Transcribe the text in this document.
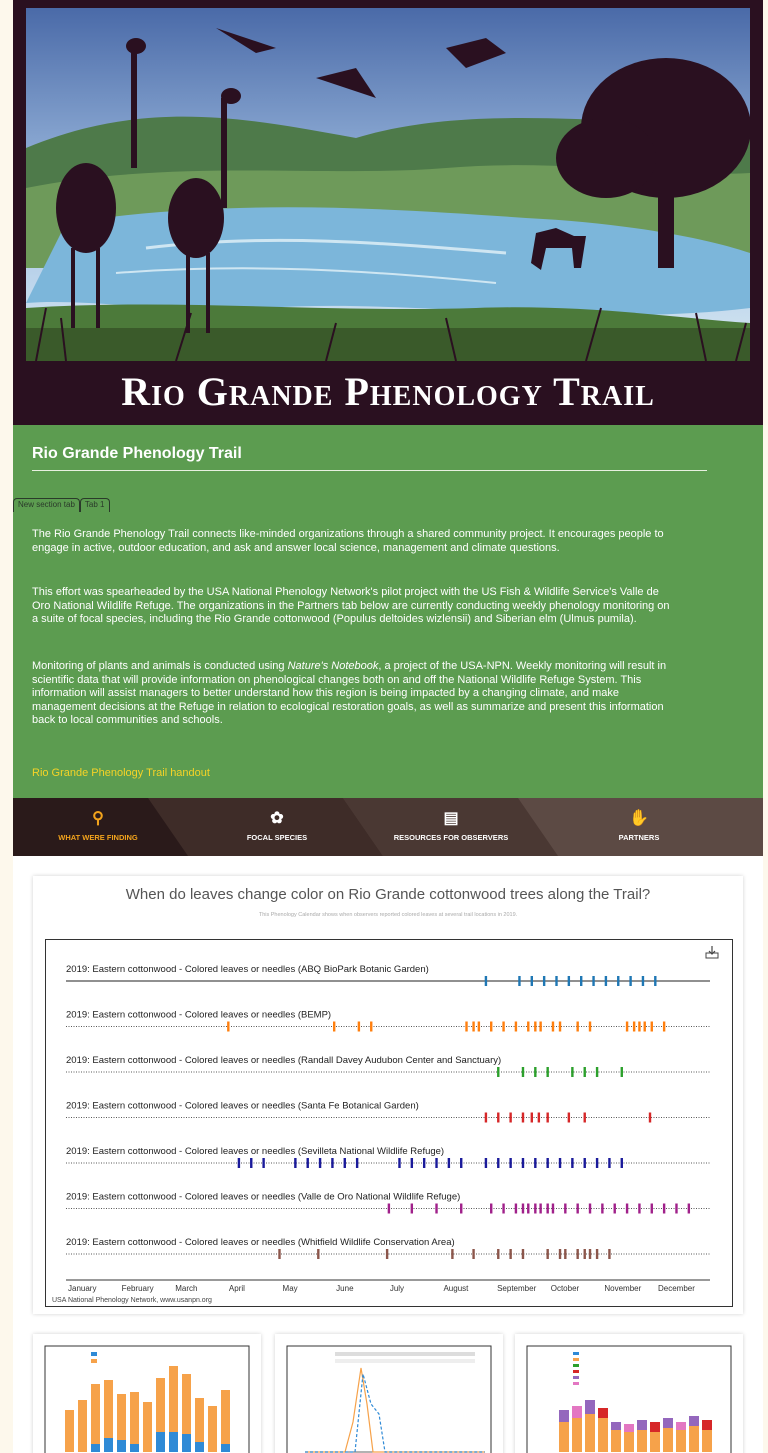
Rio Grande Phenology Trail
Rio Grande Phenology Trail
New section tab	Tab 1

The Rio Grande Phenology Trail connects like-minded organizations through a shared community project. It encourages people to engage in active, outdoor education, and ask and answer local science, management and climate questions.

This effort was spearheaded by the USA National Phenology Network's pilot project with the US Fish & Wildlife Service's Valle de Oro National Wildlife Refuge. The organizations in the Partners tab below are currently conducting weekly phenology monitoring on a suite of focal species, including the Rio Grande cottonwood (Populus deltoides wizlensii) and Siberian elm (Ulmus pumila).

Monitoring of plants and animals is conducted using Nature's Notebook, a project of the USA-NPN. Weekly monitoring will result in scientific data that will provide information on phenological changes both on and off the National Wildlife Refuge System. This information will assist managers to better understand how this region is being impacted by a changing climate, and make management decisions at the Refuge in relation to ecological restoration goals, as well as summarize and present this information back to local communities and schools.

Rio Grande Phenology Trail handout
⚲
WHAT WERE FINDING
✿
FOCAL SPECIES
▤
RESOURCES FOR OBSERVERS
✋
PARTNERS
When do leaves change color on Rio Grande cottonwood trees along the Trail?
This Phenology Calendar shows when observers reported colored leaves at several trail locations in 2019.
USA National Phenology Network, www.usanpn.org
January	February	March	April	May	June	July	August	September October	November December
2019: Eastern cottonwood - Colored leaves or needles (ABQ BioPark Botanic Garden)
2019: Eastern cottonwood - Colored leaves or needles (BEMP)
2019: Eastern cottonwood - Colored leaves or needles (Randall Davey Audubon Center and Sanctuary)
2019: Eastern cottonwood - Colored leaves or needles (Santa Fe Botanical Garden)
2019: Eastern cottonwood - Colored leaves or needles (Sevilleta National Wildlife Refuge)
2019: Eastern cottonwood - Colored leaves or needles (Valle de Oro National Wildlife Refuge)
2019: Eastern cottonwood - Colored leaves or needles (Whitfield Wildlife Conservation Area)
